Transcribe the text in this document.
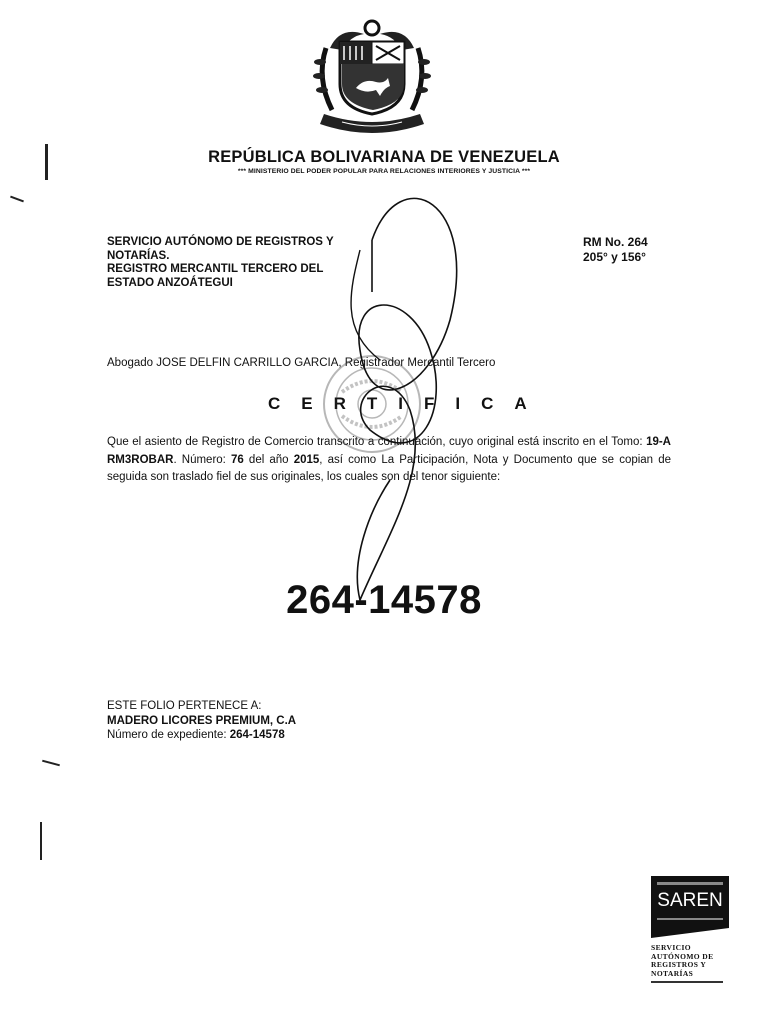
REPÚBLICA BOLIVARIANA DE VENEZUELA
*** MINISTERIO DEL PODER POPULAR PARA RELACIONES INTERIORES Y JUSTICIA ***
SERVICIO AUTÓNOMO DE REGISTROS Y
NOTARÍAS.
REGISTRO MERCANTIL TERCERO DEL
ESTADO ANZOÁTEGUI
RM No. 264
205° y 156°
Abogado JOSE DELFIN CARRILLO GARCIA, Registrador Mercantil Tercero
CERTIFICA
Que el asiento de Registro de Comercio transcrito a continuación, cuyo original está inscrito en el Tomo: 19-A RM3ROBAR. Número: 76 del año 2015, así como La Participación, Nota y Documento que se copian de seguida son traslado fiel de sus originales, los cuales son del tenor siguiente:
264-14578
ESTE FOLIO PERTENECE A:
MADERO LICORES PREMIUM, C.A
Número de expediente: 264-14578
SAREN
SERVICIO AUTÓNOMO DE REGISTROS Y NOTARÍAS
